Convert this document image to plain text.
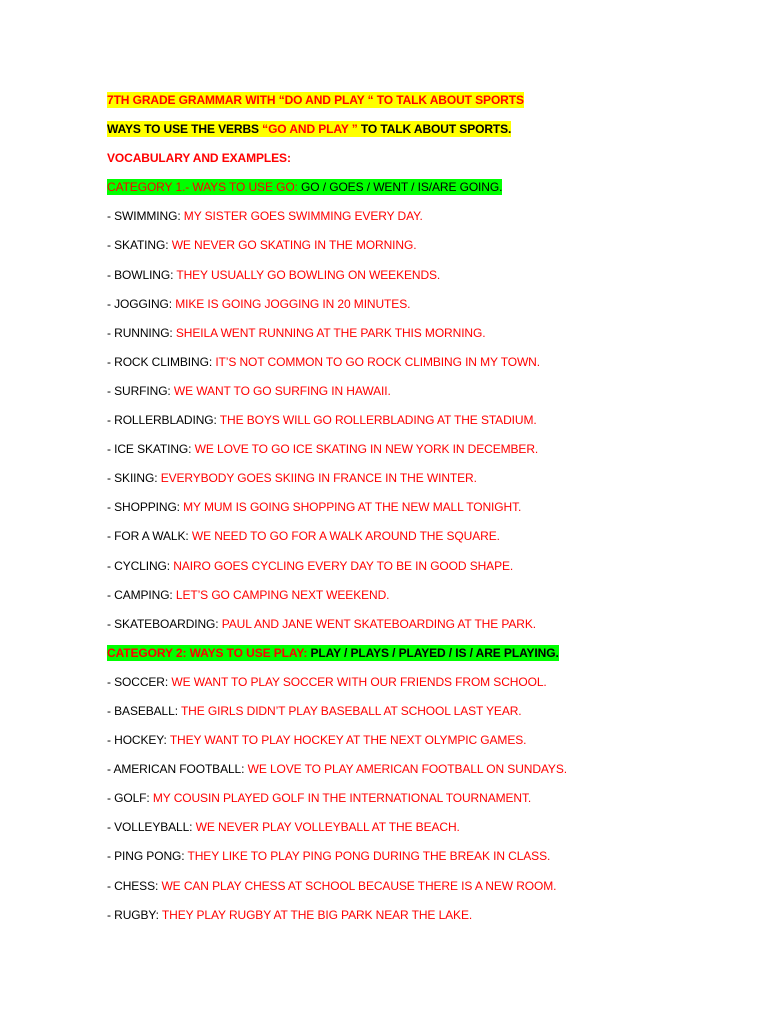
7TH GRADE GRAMMAR WITH “DO AND PLAY “ TO TALK ABOUT SPORTS
WAYS TO USE THE VERBS “GO AND PLAY ” TO TALK ABOUT SPORTS.
VOCABULARY AND EXAMPLES:
CATEGORY 1.- WAYS TO USE GO: GO / GOES / WENT / IS/ARE GOING.
- SWIMMING: MY SISTER GOES SWIMMING EVERY DAY.
- SKATING: WE NEVER GO SKATING IN THE MORNING.
- BOWLING: THEY USUALLY GO BOWLING ON WEEKENDS.
- JOGGING: MIKE IS GOING JOGGING IN 20 MINUTES.
- RUNNING: SHEILA WENT RUNNING AT THE PARK THIS MORNING.
- ROCK CLIMBING: IT’S NOT COMMON TO GO ROCK CLIMBING IN MY TOWN.
- SURFING: WE WANT TO GO SURFING IN HAWAII.
- ROLLERBLADING: THE BOYS WILL GO ROLLERBLADING AT THE STADIUM.
- ICE SKATING: WE LOVE TO GO ICE SKATING IN NEW YORK IN DECEMBER.
- SKIING: EVERYBODY GOES SKIING IN FRANCE IN THE WINTER.
- SHOPPING: MY MUM IS GOING SHOPPING AT THE NEW MALL TONIGHT.
- FOR A WALK: WE NEED TO GO FOR A WALK AROUND THE SQUARE.
- CYCLING: NAIRO GOES CYCLING EVERY DAY TO BE IN GOOD SHAPE.
- CAMPING: LET’S GO CAMPING NEXT WEEKEND.
- SKATEBOARDING: PAUL AND JANE WENT SKATEBOARDING AT THE PARK.
CATEGORY 2: WAYS TO USE PLAY: PLAY / PLAYS / PLAYED / IS / ARE PLAYING.
- SOCCER: WE WANT TO PLAY SOCCER WITH OUR FRIENDS FROM SCHOOL.
- BASEBALL: THE GIRLS DIDN’T PLAY BASEBALL AT SCHOOL LAST YEAR.
- HOCKEY: THEY WANT TO PLAY HOCKEY AT THE NEXT OLYMPIC GAMES.
- AMERICAN FOOTBALL: WE LOVE TO PLAY AMERICAN FOOTBALL ON SUNDAYS.
- GOLF: MY COUSIN PLAYED GOLF IN THE INTERNATIONAL TOURNAMENT.
- VOLLEYBALL: WE NEVER PLAY VOLLEYBALL AT THE BEACH.
- PING PONG: THEY LIKE TO PLAY PING PONG DURING THE BREAK IN CLASS.
- CHESS: WE CAN PLAY CHESS AT SCHOOL BECAUSE THERE IS A NEW ROOM.
- RUGBY: THEY PLAY RUGBY AT THE BIG PARK NEAR THE LAKE.
